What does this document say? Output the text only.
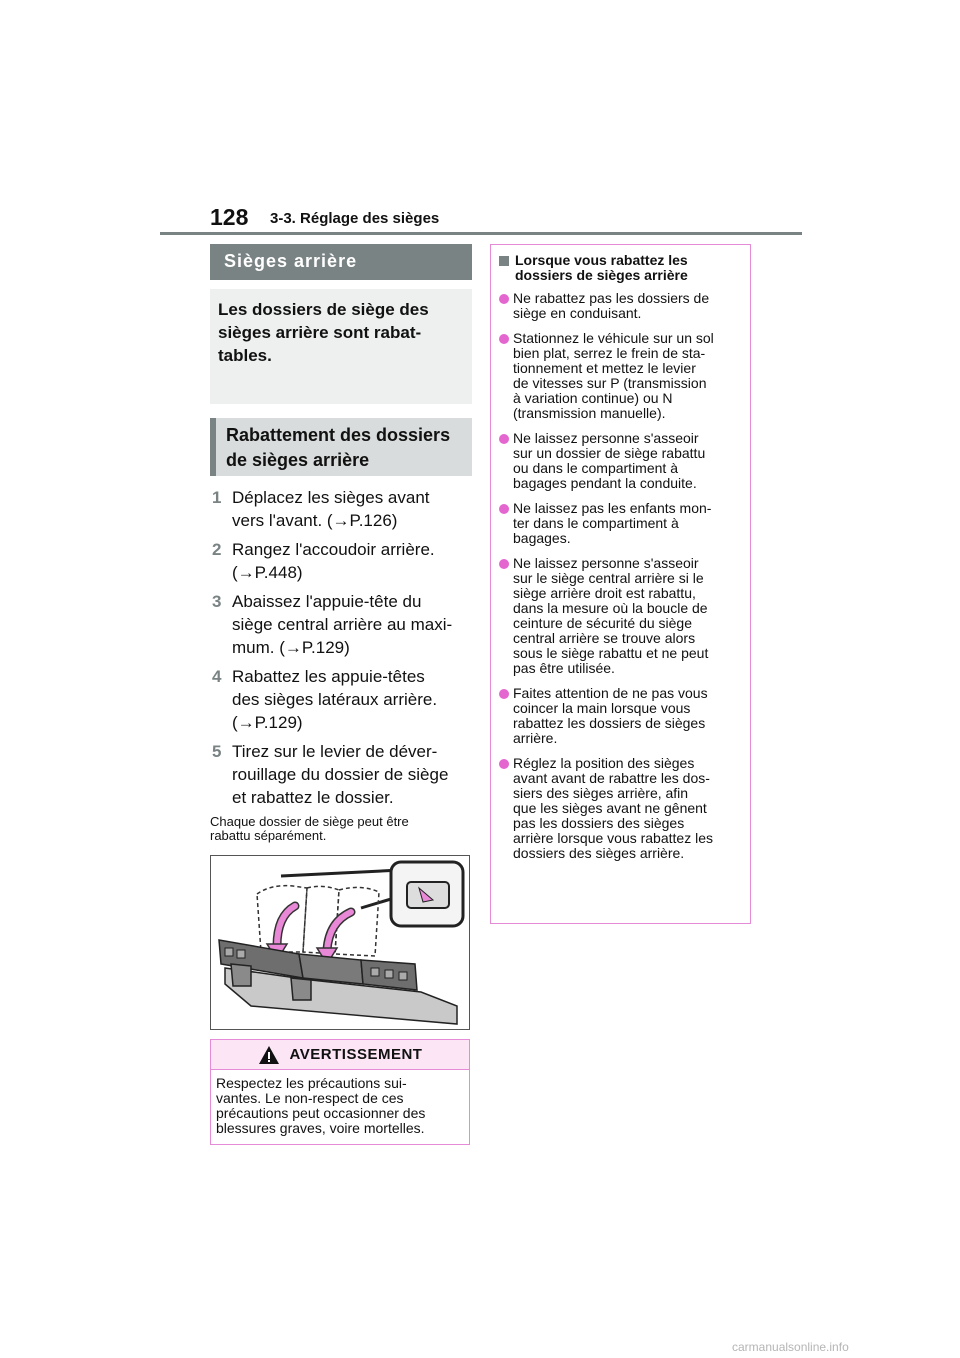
128 3-3. Réglage des sièges
Sièges arrière
Les dossiers de siège des
sièges arrière sont rabat-
tables.
Rabattement des dossiers
de sièges arrière
1 Déplacez les sièges avant
vers l'avant. (→P.126)
2 Rangez l'accoudoir arrière.
(→P.448)
3 Abaissez l'appuie-tête du
siège central arrière au maxi-
mum. (→P.129)
4 Rabattez les appuie-têtes
des sièges latéraux arrière.
(→P.129)
5 Tirez sur le levier de déver-
rouillage du dossier de siège
et rabattez le dossier.
Chaque dossier de siège peut être
rabattu séparément.
AVERTISSEMENT
Respectez les précautions sui-
vantes. Le non-respect de ces
précautions peut occasionner des
blessures graves, voire mortelles.
Lorsque vous rabattez les
dossiers de sièges arrière
Ne rabattez pas les dossiers de
siège en conduisant.
Stationnez le véhicule sur un sol
bien plat, serrez le frein de sta-
tionnement et mettez le levier
de vitesses sur P (transmission
à variation continue) ou N
(transmission manuelle).
Ne laissez personne s'asseoir
sur un dossier de siège rabattu
ou dans le compartiment à
bagages pendant la conduite.
Ne laissez pas les enfants mon-
ter dans le compartiment à
bagages.
Ne laissez personne s'asseoir
sur le siège central arrière si le
siège arrière droit est rabattu,
dans la mesure où la boucle de
ceinture de sécurité du siège
central arrière se trouve alors
sous le siège rabattu et ne peut
pas être utilisée.
Faites attention de ne pas vous
coincer la main lorsque vous
rabattez les dossiers de sièges
arrière.
Réglez la position des sièges
avant avant de rabattre les dos-
siers des sièges arrière, afin
que les sièges avant ne gênent
pas les dossiers des sièges
arrière lorsque vous rabattez les
dossiers des sièges arrière.
carmanualsonline.info
